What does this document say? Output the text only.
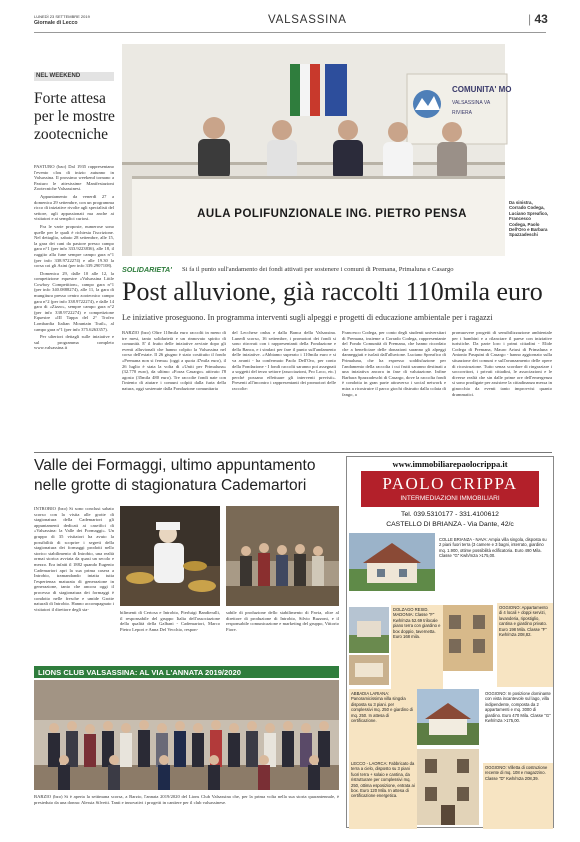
LUNEDÌ 23 SETTEMBRE 2019
Giornale di Lecco	VALSASSINA	| 43
NEL WEEKEND
Forte attesa per le mostre zootecniche

PASTURO (bzo) Dal 1935 rappresentano l'evento clou di inizio autunno in Valsassina. Il prossimo weekend tornano a Pasturo le attesissime Manifestazioni Zootecniche Valsassinesi.

Appuntamento da venerdì 27 a domenica 29 settembre, con un programma ricco di iniziative rivolte agli specialisti del settore, agli appassionati ma anche ai visitatori e ai semplici curiosi.

Fra le varie proposte, numerose sono quelle per le quali è richiesta l'iscrizione. Nel dettaglio, sabato 28 settembre, alle 15, la gara dei cani da pastore presso campo gara n°1 (per info 333.9223836), alle 18, il ruggito alla fune sempre campo gara n°1 (per info 338.9722274) e alle 19.30 la corsa coi gli Asini (per info 339.2907108).

Domenica 29, dalle 10 alle 12, la competizione equestre «Valsassina Little Cowboy Competition», campo gara n°1 (per info 340.0888274), alle 11, la gara di mungitura presso centro zootecnico campo gara n°2 (per info 338.9722274), e dalle 14 gara di «Zizzo», sempre campo gara n°2 (per info 338.9722274) e competizione Equestre «III Tappa del 2° Trofeo Lombardia Italian Mountain Trail», al campo gara n°1 (per info 375.6263357).

Per ulteriori dettagli sulle iniziative e sul programma completo www.valsassina.it

COMUNITA' MO
VALSASSINA VA
RIVIERA
AULA POLIFUNZIONALE ING. PIETRO PENSA
Da sinistra, Corrado Codega, Luciano Spreafico, Francesco Codega, Paolo Dell'Oro e Barbara Spazzadeschi
SOLIDARIETA' Si fa il punto sull'andamento dei fondi attivati per sostenere i comuni di Premana, Primaluna e Casargo
Post alluvione, già raccolti 110mila euro
Le iniziative proseguono. In programma interventi sugli alpeggi e progetti di educazione ambientale per i ragazzi
BARZIO (bzo) Oltre 110mila euro raccolti in meno di tre mesi, tanto solidarietà e un rinnovato spirito di comunità. E' il frutto delle iniziative avviate dopo gli eventi alluvionali che hanno colpito la Valsassina nel corso dell'estate. Il 26 giugno è stato costituito il fondo «Premana non si ferma» (oggi a quota 47mila euro), il 26 luglio è stata la volta di «Uniti per Primaluna» (32.770 euro), da ultimo «Forza Casargo» attivato l'8 agosto (35mila 480 euro). Tre raccolte fondi nate con l'intento di aiutare i comuni colpiti dalla furia della natura, oggi sostenute dalla Fondazione comunitaria
del Lecchese onlus e dalla Banca della Valsassina. Lunedì scorso, 16 settembre, i promotori dei fondi si sono ritrovati con i rappresentanti della Fondazione e della Banca, e i sindaci per fare il punto sull'andamento delle iniziative. «Abbiamo superato i 110mila euro e si va avanti - ha confermato Paolo Dell'Oro, per conto della Fondazione - I fondi raccolti saranno poi assegnati a soggetti del terzo settore (associazioni, Pro Loco, etc.) perché possano effettuare gli interventi previsti». Presenti all'incontro i rappresentanti dei promotori delle raccolte:
Francesco Codega, per conto degli studenti universitari di Premana, insieme a Corrado Codega, rappresentante del Fondo Comunità di Premana, che hanno ricordato che a beneficiare delle donazioni saranno gli alpeggi danneggiati e isolati dall'alluvione. Luciano Spreafico di Primaluna, che ha espresso soddisfazione per l'andamento della raccolta i cui frutti saranno destinati a una iniziativa ancora in fase di valutazione. Infine Barbara Spazzadeschi di Casargo, dove la raccolta fondi è condotta in gran parte attraverso i social network e mira a ricostruire il parco giochi distrutto dalla colata di fango, a
promuovere progetti di sensibilizzazione ambientale per i bambini e a rilanciare il paese con iniziative turistiche. Da parte loro i primi cittadini - Elide Codega di Premana, Mauro Artusi di Primaluna e Antonio Pasquini di Casargo - hanno aggiornato sulla situazione dei comuni e sull'avanzamento delle opere di ricostruzione. Tutto senza scordare di ringraziare i soccorritori, i privati cittadini, le associazioni e le diverse realtà che sin dalle prime ore dell'emergenza si sono prodigate per assistere la cittadinanza messa in ginocchio da eventi tanto improvvisi quanto drammatici.
Valle dei Formaggi, ultimo appuntamento nelle grotte di stagionatura Cademartori
INTROBIO (bzo) Si sono conclusi sabato scorso con la visita alle grotte di stagionatura della Cademartori gli appuntamenti dedicati ai caseifici di «Valsassina: la Valle dei Formaggi». Un gruppo di 35 visitatori ha avuto la possibilità di scoprire i segreti della stagionatura dei formaggi prodotti nello storico stabilimento di Introbio, una realtà ormai storica avviata da quasi un secolo e mezzo. Era infatti il 1882 quando Eugenio Cademartori apri la sua prima casera a Introbio, tramandando intatta tutta l'esperienza maturata di generazione in generazione, tanto che ancora oggi il processo di stagionatura dei formaggi è condotto nelle fresche e umide Grotte naturali di Introbio. Hanno accompagnato i visitatori il direttore degli sta-
bilimenti di Certosa e Introbio, Pierluigi Bandieralli, il responsabile del gruppo Italia dell'associazione della qualità della Galbani - Cademartori, Marco Pietro Lepori e Anna Del Vecchio, respon-
sabile di produzione dello stabilimento di Pavia, oltre al direttore di produzione di Introbio, Silvio Buzzoni, e il responsabile comunicazione e marketing del gruppo, Vittorio Fiore.
LIONS CLUB VALSASSINA: AL VIA L'ANNATA 2019/2020
BARZIO (bzo) Si è aperta la settimana scorsa, a Barzio, l'annata 2019/2020 del Lions Club Valsassina che, per la prima volta nella sua storia quarantennale, è presieduto da una donna: Alessia Silvetti. Tanti e innovativi i progetti in cantiere per il club valsassinese.
www.immobiliarepaolocrippa.it
PAOLO CRIPPA
INTERMEDIAZIONI IMMOBILIARI
Tel. 039.5310177 - 331.4100612
CASTELLO DI BRIANZA - Via Dante, 42/c
COLLE BRIANZA - NAVA: Ampia villa singola, disposta su 2 piani fuori terra (3 camere e 3 bagni, interrato, giardino mq. 1.900, ottime possibilità edificatoria. Euro 490 Mila. Classe "G" Kwh/m2a >175,00.
DOLZAGO RESID. MADONIA: Classe "F" Kwh/m2a 52.69 trilocale piano terra con giardino e box doppio, tavernetta. Euro 168 mila.
OGGIONO: Appartamento di 4 locali + doppi servizi, lavanderia, ripostiglio, cantina e giardino privato. Euro 198 Mila. Classe "F" Kwh/m2a 208,82.
ABBADIA LARIANA: Panoramicissima villa singola disposta su 3 piani. per complessivi mq. 250 e giardino di mq. 250. In attesa di certificazione.
OGGIONO: In posizione dominante con vista incantevole sul lago, villa indipendente, composta da 2 appartamenti e mq. 3000 di giardino. Euro 470 Mila. Classe "G" Kwh/m2a >175,00.
LECCO - LAORCA: Fabbricato da terra a cielo, disposto su 3 piani fuori terra + solaio e cantina, da ristrutturare per complessivi mq. 250, ottima esposizione, entrata ai box. Euro 120 Mila. In attesa di certificazione energetica.
OGGIONO: Villetta di costruzione recente di mq. 108 e magazzino. Classe "D" Kwh/m2a 208,39.
